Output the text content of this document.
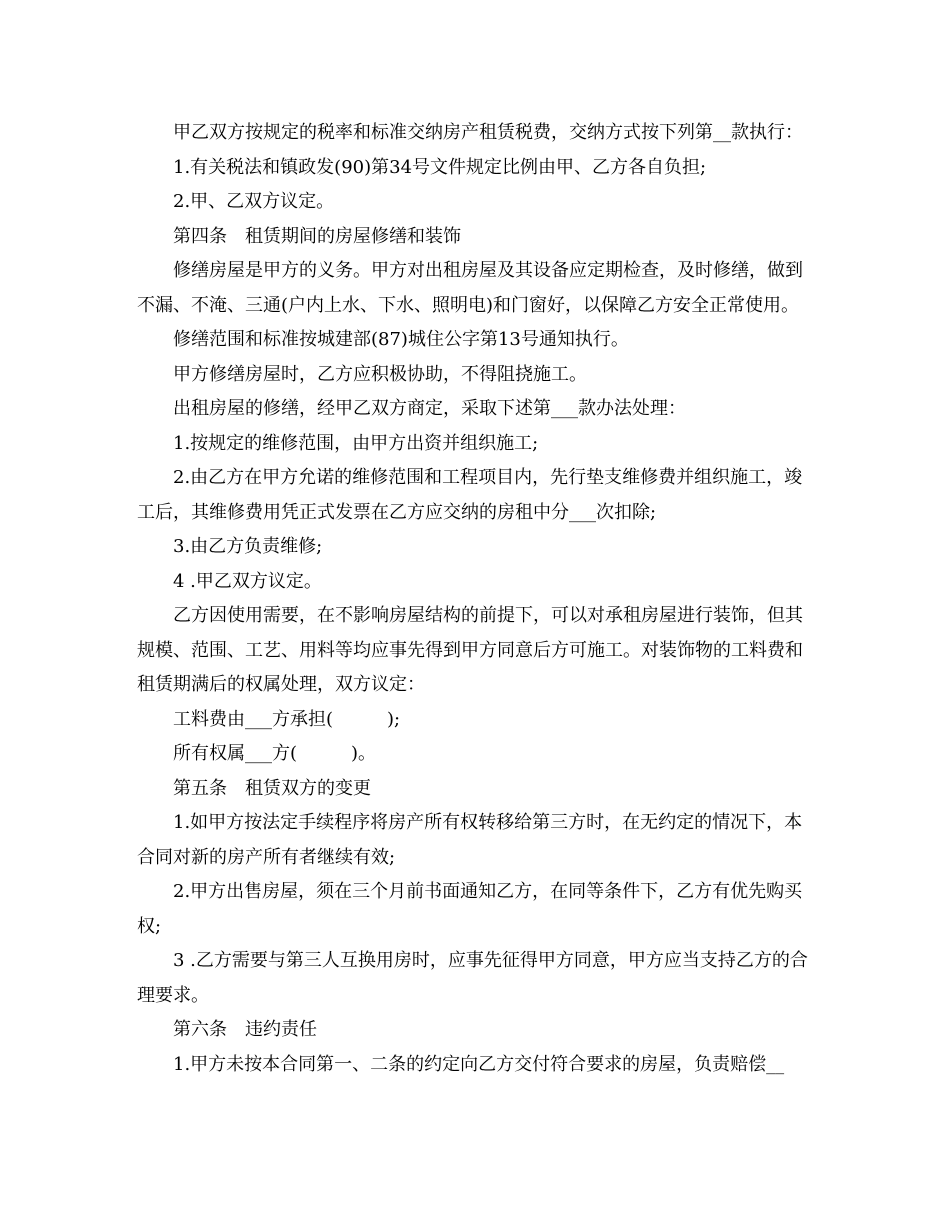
甲乙双方按规定的税率和标准交纳房产租赁税费，交纳方式按下列第__款执行：

1.有关税法和镇政发(90)第34号文件规定比例由甲、乙方各自负担;

2.甲、乙双方议定。

第四条　租赁期间的房屋修缮和装饰

修缮房屋是甲方的义务。甲方对出租房屋及其设备应定期检查，及时修缮，做到不漏、不淹、三通(户内上水、下水、照明电)和门窗好，以保障乙方安全正常使用。

修缮范围和标准按城建部(87)城住公字第13号通知执行。

甲方修缮房屋时，乙方应积极协助，不得阻挠施工。

出租房屋的修缮，经甲乙双方商定，采取下述第___款办法处理：

1.按规定的维修范围，由甲方出资并组织施工;

2.由乙方在甲方允诺的维修范围和工程项目内，先行垫支维修费并组织施工，竣工后，其维修费用凭正式发票在乙方应交纳的房租中分___次扣除;

3.由乙方负责维修;

4 .甲乙双方议定。

乙方因使用需要，在不影响房屋结构的前提下，可以对承租房屋进行装饰，但其规模、范围、工艺、用料等均应事先得到甲方同意后方可施工。对装饰物的工料费和租赁期满后的权属处理，双方议定：

工料费由___方承担(　　　);

所有权属___方(　　　)。

第五条　租赁双方的变更

1.如甲方按法定手续程序将房产所有权转移给第三方时，在无约定的情况下，本合同对新的房产所有者继续有效;

2.甲方出售房屋，须在三个月前书面通知乙方，在同等条件下，乙方有优先购买权;

3 .乙方需要与第三人互换用房时，应事先征得甲方同意，甲方应当支持乙方的合理要求。

第六条　违约责任

1.甲方未按本合同第一、二条的约定向乙方交付符合要求的房屋，负责赔偿__
